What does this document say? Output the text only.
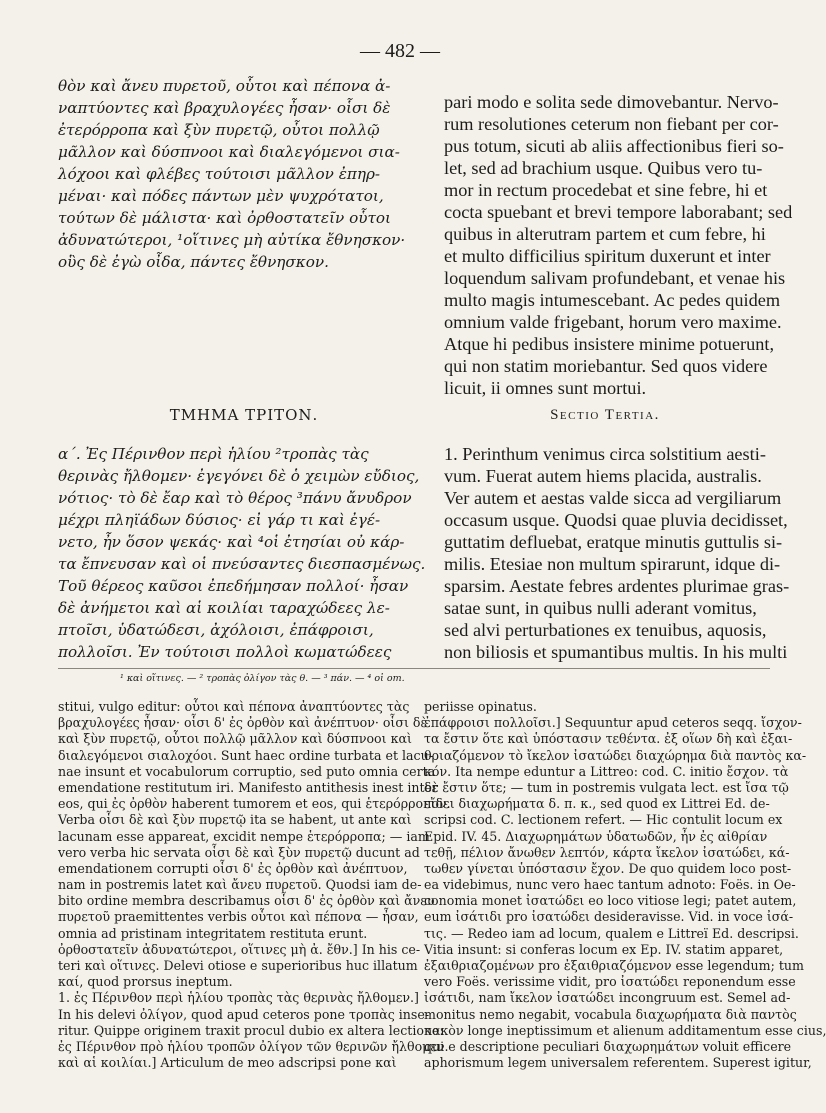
— 482 —
θὸν καὶ ἄνευ πυρετοῦ, οὗτοι καὶ πέπονα ἀ-
ναπτύοντες καὶ βραχυλογέες ἦσαν· οἷσι δὲ
ἐτερόρροπα καὶ ξὺν πυρετῷ, οὗτοι πολλῷ
μᾶλλον καὶ δύσπνοοι καὶ διαλεγόμενοι σια-
λόχοοι καὶ φλέβες τούτοισι μᾶλλον ἐπηρ-
μέναι· καὶ πόδες πάντων μὲν ψυχρότατοι,
τούτων δὲ μάλιστα· καὶ ὀρθοστατεῖν οὗτοι
ἀδυνατώτεροι, ¹οἵτινες μὴ αὐτίκα ἔθνησκον·
οὓς δὲ ἐγὼ οἶδα, πάντες ἔθνησκον.
pari modo e solita sede dimovebantur. Nervo-
rum resolutiones ceterum non fiebant per cor-
pus totum, sicuti ab aliis affectionibus fieri so-
let, sed ad brachium usque. Quibus vero tu-
mor in rectum procedebat et sine febre, hi et
cocta spuebant et brevi tempore laborabant; sed
quibus in alterutram partem et cum febre, hi
et multo difficilius spiritum duxerunt et inter
loquendum salivam profundebant, et venae his
multo magis intumescebant. Ac pedes quidem
omnium valde frigebant, horum vero maxime.
Atque hi pedibus insistere minime potuerunt,
qui non statim moriebantur. Sed quos videre
licuit, ii omnes sunt mortui.
ΤΜΗΜΑ ΤΡΙΤΟΝ.	Sectio Tertia.
α΄. Ἐς Πέρινθον περὶ ἡλίου ²τροπὰς τὰς
θερινὰς ἤλθομεν· ἐγεγόνει δὲ ὁ χειμὼν εὔδιος,
νότιος· τὸ δὲ ἔαρ καὶ τὸ θέρος ³πάνυ ἄνυδρον
μέχρι πληϊάδων δύσιος· εἰ γάρ τι καὶ ἐγέ-
νετο, ἦν ὅσον ψεκάς· καὶ ⁴οἱ ἐτησίαι οὐ κάρ-
τα ἔπνευσαν καὶ οἱ πνεύσαντες διεσπασμένως.
Τοῦ θέρεος καῦσοι ἐπεδήμησαν πολλοί· ἦσαν
δὲ ἀνήμετοι καὶ αἱ κοιλίαι ταραχώδεες λε-
πτοῖσι, ὑδατώδεσι, ἀχόλοισι, ἐπάφροισι,
πολλοῖσι. Ἐν τούτοισι πολλοὶ κωματώδεες
1. Perinthum venimus circa solstitium aesti-
vum. Fuerat autem hiems placida, australis.
Ver autem et aestas valde sicca ad vergiliarum
occasum usque. Quodsi quae pluvia decidisset,
guttatim defluebat, eratque minutis guttulis si-
milis. Etesiae non multum spirarunt, idque di-
sparsim. Aestate febres ardentes plurimae gras-
satae sunt, in quibus nulli aderant vomitus,
sed alvi perturbationes ex tenuibus, aquosis,
non biliosis et spumantibus multis. In his multi
¹ καὶ οἵτινες. — ² τροπὰς ὀλίγον τὰς θ. — ³ πάν. — ⁴ οἱ om.
stitui, vulgo editur: οὗτοι καὶ πέπονα ἀναπτύοντες τὰς
βραχυλογέες ἦσαν· οἷσι δ' ἐς ὀρθὸν καὶ ἀνέπτυον· οἷσι δὲ
καὶ ξὺν πυρετῷ, οὗτοι πολλῷ μᾶλλον καὶ δύσπνοοι καὶ
διαλεγόμενοι σιαλοχόοι. Sunt haec ordine turbata et lacu-
nae insunt et vocabulorum corruptio, sed puto omnia certa
emendatione restitutum iri. Manifesto antithesis inest inter
eos, qui ἐς ὀρθὸν haberent tumorem et eos, qui ἑτερόρροπον.
Verba οἷσι δὲ καὶ ξὺν πυρετῷ ita se habent, ut ante καὶ
lacunam esse appareat, excidit nempe ἑτερόρροπα; — iam
vero verba hic servata οἷσι δὲ καὶ ξὺν πυρετῷ ducunt ad
emendationem corrupti οἷσι δ' ἐς ὀρθὸν καὶ ἀνέπτυον,
nam in postremis latet καὶ ἄνευ πυρετοῦ. Quodsi iam de-
bito ordine membra describamus οἷσι δ' ἐς ὀρθὸν καὶ ἄνευ
πυρετοῦ praemittentes verbis οὗτοι καὶ πέπονα — ἦσαν,
omnia ad pristinam integritatem restituta erunt.
ὀρθοστατεῖν ἀδυνατώτεροι, οἵτινες μὴ ἀ. ἔθν.] In his ce-
teri καὶ οἵτινες. Delevi otiose e superioribus huc illatum
καί, quod prorsus ineptum.
1. ἐς Πέρινθον περὶ ἡλίου τροπὰς τὰς θερινὰς ἤλθομεν.]
In his delevi ὀλίγον, quod apud ceteros pone τροπὰς inse-
ritur. Quippe originem traxit procul dubio ex altera lectione:
ἐς Πέρινθον πρὸ ἡλίου τροπῶν ὀλίγον τῶν θερινῶν ἤλθομεν.
καὶ αἱ κοιλίαι.] Articulum de meo adscripsi pone καὶ
periisse opinatus.
ἐπάφροισι πολλοῖσι.] Sequuntur apud ceteros seqq. ἴσχον-
τα ἔστιν ὅτε καὶ ὑπόστασιν τεθέντα. ἐξ οἵων δὴ καὶ ἐξαι-
θριαζόμενον τὸ ἴκελον ἰσατώδει διαχώρημα διὰ παντὸς κα-
κόν. Ita nempe eduntur a Littreo: cod. C. initio ἔσχον. τὰ
δὲ ἔστιν ὅτε; — tum in postremis vulgata lect. est ἴσα τῷ
εἴδει διαχωρήματα δ. π. κ., sed quod ex Littrei Ed. de-
scripsi cod. C. lectionem refert. — Hic contulit locum ex
Epid. IV. 45. Διαχωρημάτων ὑδατωδῶν, ἦν ἐς αἰθρίαν
τεθῇ, πέλιον ἄνωθεν λεπτόν, κάρτα ἴκελον ἰσατώδει, κά-
τωθεν γίνεται ὑπόστασιν ἔχον. De quo quidem loco post-
ea videbimus, nunc vero haec tantum adnoto: Foës. in Oe-
conomia monet ἰσατώδει eo loco vitiose legi; patet autem,
eum ἰσάτιδι pro ἰσατώδει desideravisse. Vid. in voce ἰσά-
τις. — Redeo iam ad locum, qualem e Littreï Ed. descripsi.
Vitia insunt: si conferas locum ex Ep. IV. statim apparet,
ἐξαιθριαζομένων pro ἐξαιθριαζόμενον esse legendum; tum
vero Foës. verissime vidit, pro ἰσατώδει reponendum esse
ἰσάτιδι, nam ἴκελον ἰσατώδει incongruum est. Semel ad-
monitus nemo negabit, vocabula διαχωρήματα διὰ παντὸς
κακὸν longe ineptissimum et alienum additamentum esse cius,
qui e descriptione peculiari διαχωρημάτων voluit efficere
aphorismum legem universalem referentem. Superest igitur,
